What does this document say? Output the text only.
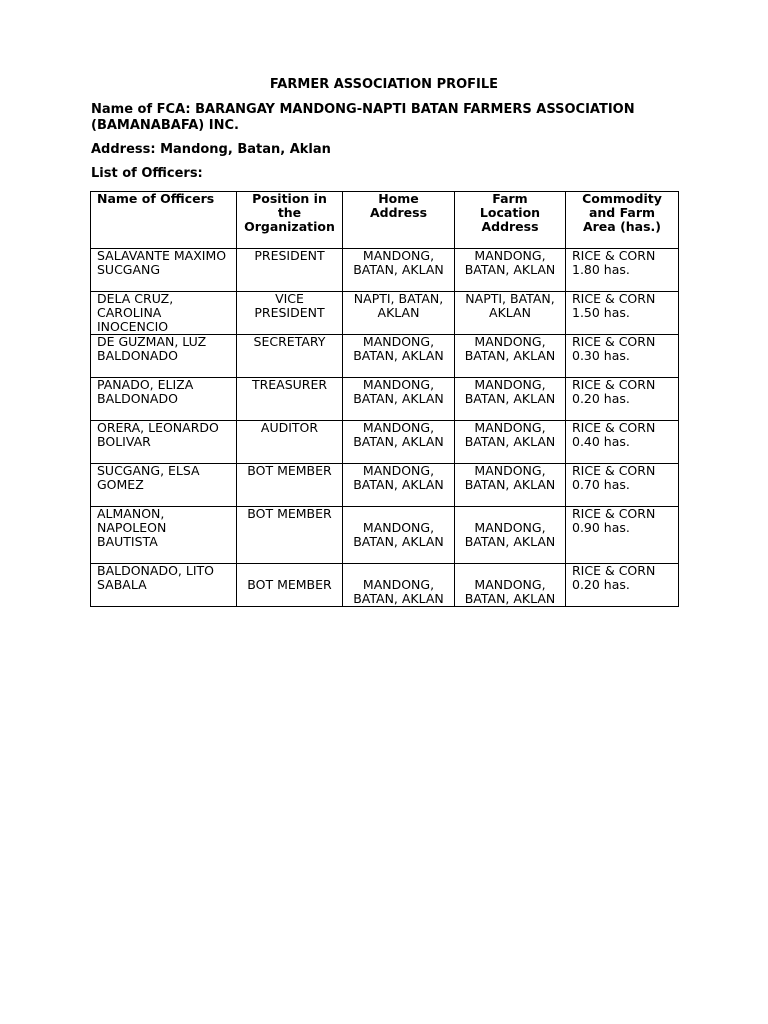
FARMER ASSOCIATION PROFILE
Name of FCA: BARANGAY MANDONG-NAPTI BATAN FARMERS ASSOCIATION (BAMANABAFA) INC.
Address: Mandong, Batan, Aklan
List of Officers:
Name of Officers	Position in the Organization	Home Address	Farm Location Address	Commodity and Farm Area (has.)
SALAVANTE MAXIMO SUCGANG	PRESIDENT	MANDONG, BATAN, AKLAN	MANDONG, BATAN, AKLAN	RICE & CORN 1.80 has.
DELA CRUZ, CAROLINA INOCENCIO	VICE PRESIDENT	NAPTI, BATAN, AKLAN	NAPTI, BATAN, AKLAN	RICE & CORN 1.50 has.
DE GUZMAN, LUZ BALDONADO	SECRETARY	MANDONG, BATAN, AKLAN	MANDONG, BATAN, AKLAN	RICE & CORN 0.30 has.
PANADO, ELIZA BALDONADO	TREASURER	MANDONG, BATAN, AKLAN	MANDONG, BATAN, AKLAN	RICE & CORN 0.20 has.
ORERA, LEONARDO BOLIVAR	AUDITOR	MANDONG, BATAN, AKLAN	MANDONG, BATAN, AKLAN	RICE & CORN 0.40 has.
SUCGANG, ELSA GOMEZ	BOT MEMBER	MANDONG, BATAN, AKLAN	MANDONG, BATAN, AKLAN	RICE & CORN 0.70 has.
ALMANON, NAPOLEON BAUTISTA	BOT MEMBER	MANDONG, BATAN, AKLAN	MANDONG, BATAN, AKLAN	RICE & CORN 0.90 has.
BALDONADO, LITO SABALA	BOT MEMBER	MANDONG, BATAN, AKLAN	MANDONG, BATAN, AKLAN	RICE & CORN 0.20 has.
